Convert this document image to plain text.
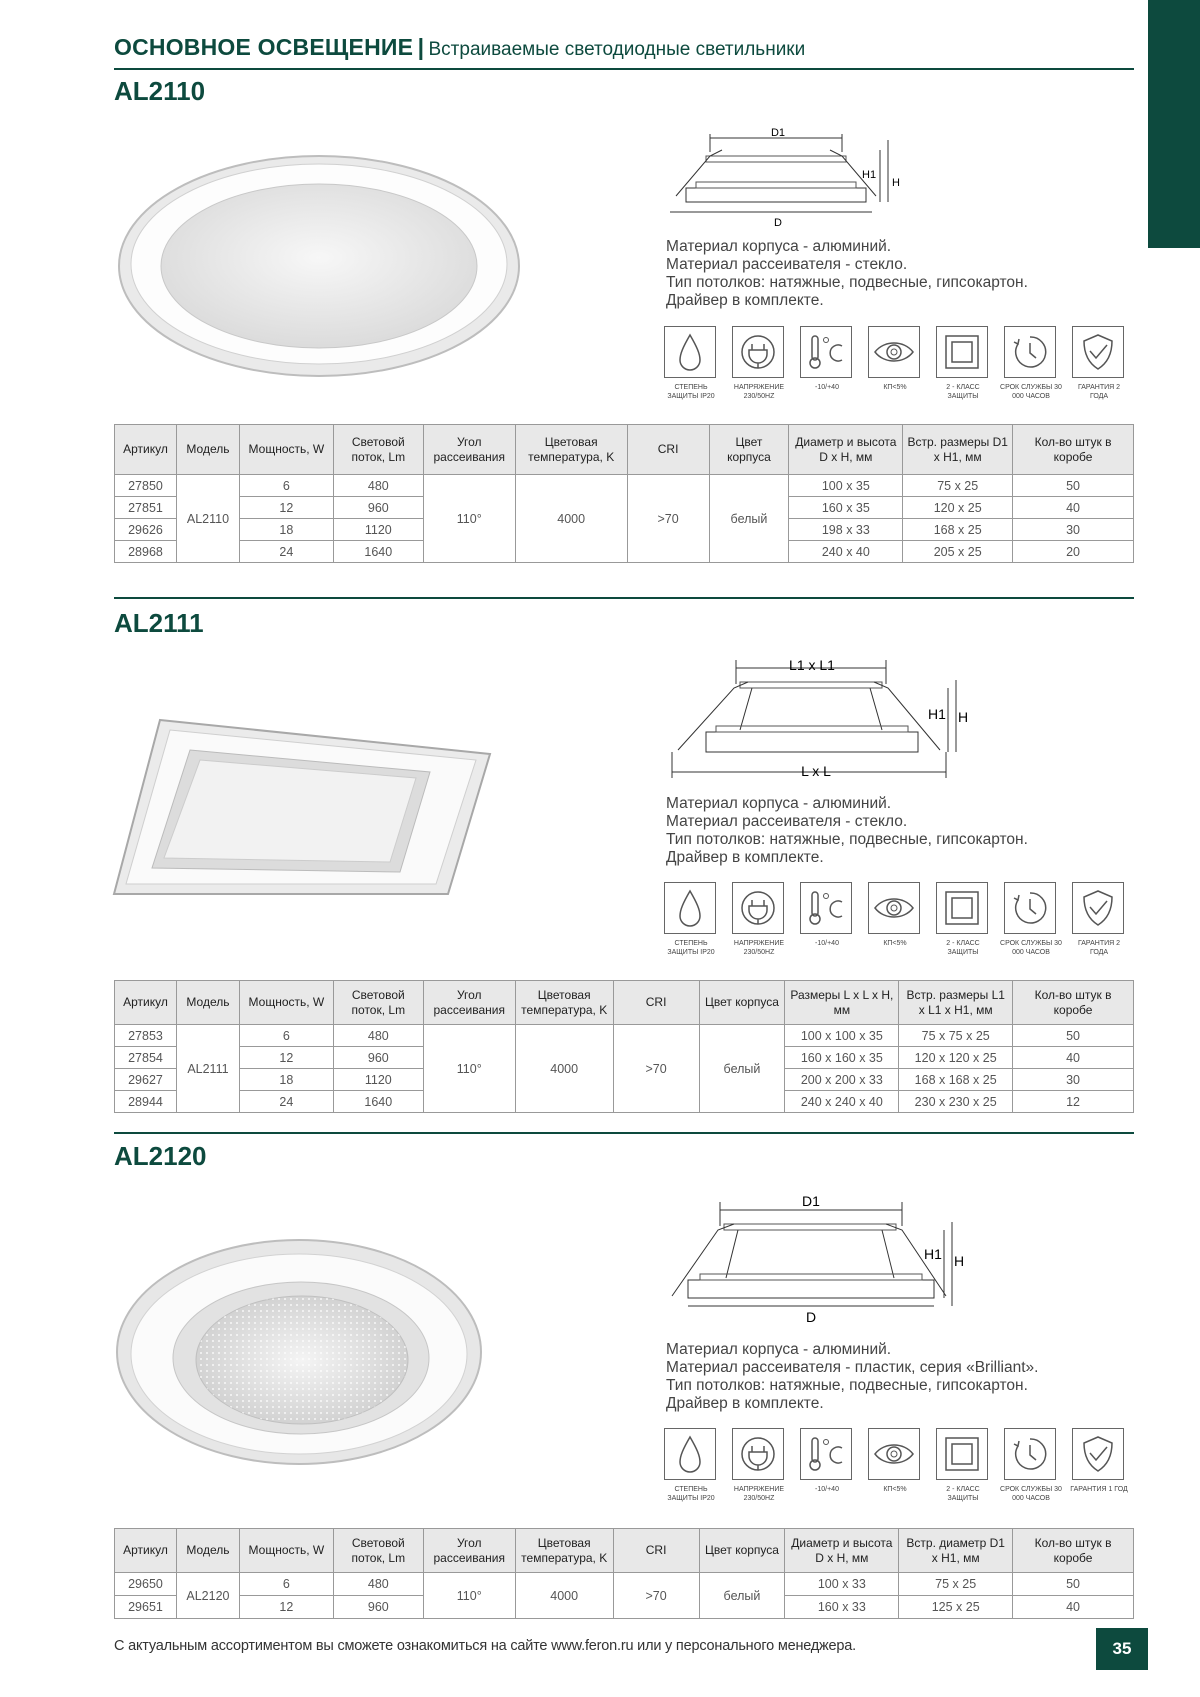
ОСНОВНОЕ ОСВЕЩЕНИЕ | Встраиваемые светодиодные светильники
AL2110
D1
D
H1
H
Материал корпуса - алюминий.
Материал рассеивателя - стекло.
Тип потолков: натяжные, подвесные, гипсокартон.
Драйвер в комплекте.
СТЕПЕНЬ ЗАЩИТЫ IP20
НАПРЯЖЕНИЕ 230/50HZ
-10/+40	КП<5%	2 - КЛАСС ЗАЩИТЫ
СРОК СЛУЖБЫ 30 000 ЧАСОВ
ГАРАНТИЯ 2 ГОДА
Артикул	Модель	Мощность, W	Световой поток, Lm	Угол рассеивания	Цветовая температура, K	CRI	Цвет корпуса	Диаметр и высота D x H, мм	Встр. размеры D1 x H1, мм	Кол-во штук в коробе
27850	AL2110	6	480	110°	4000	>70	белый	100 x 35	75 x 25	50
27851		12	960					160 x 35	120 x 25	40
29626		18	1120					198 x 33	168 x 25	30
28968		24	1640					240 x 40	205 x 25	20
AL2111
L1 x L1
L x L
H1 H
Материал корпуса - алюминий.
Материал рассеивателя - стекло.
Тип потолков: натяжные, подвесные, гипсокартон.
Драйвер в комплекте.
СТЕПЕНЬ ЗАЩИТЫ IP20
НАПРЯЖЕНИЕ 230/50HZ
-10/+40	КП<5%	2 - КЛАСС ЗАЩИТЫ
СРОК СЛУЖБЫ 30 000 ЧАСОВ
ГАРАНТИЯ 2 ГОДА
Артикул	Модель	Мощность, W	Световой поток, Lm	Угол рассеивания	Цветовая температура, K	CRI	Цвет корпуса	Размеры L x L x H, мм	Встр. размеры L1 x L1 x H1, мм	Кол-во штук в коробе
27853	AL2111	6	480	110°	4000	>70	белый	100 x 100 x 35	75 x 75 x 25	50
27854		12	960					160 x 160 x 35	120 x 120 x 25	40
29627		18	1120					200 x 200 x 33	168 x 168 x 25	30
28944		24	1640					240 x 240 x 40	230 x 230 x 25	12
AL2120
D1
D
H1 H
Материал корпуса - алюминий.
Материал рассеивателя - пластик, серия «Brilliant».
Тип потолков: натяжные, подвесные, гипсокартон.
Драйвер в комплекте.
СТЕПЕНЬ ЗАЩИТЫ IP20
НАПРЯЖЕНИЕ 230/50HZ
-10/+40	КП<5%	2 - КЛАСС ЗАЩИТЫ
СРОК СЛУЖБЫ 30 000 ЧАСОВ
ГАРАНТИЯ 1 ГОД
Артикул	Модель	Мощность, W	Световой поток, Lm	Угол рассеивания	Цветовая температура, K	CRI	Цвет корпуса	Диаметр и высота D x H, мм	Встр. диаметр D1 x H1, мм	Кол-во штук в коробе
29650	AL2120	6	480	110°	4000	>70	белый	100 x 33	75 x 25	50
29651		12	960					160 x 33	125 x 25	40
С актуальным ассортиментом вы сможете ознакомиться на сайте www.feron.ru или у персонального менеджера.	35
